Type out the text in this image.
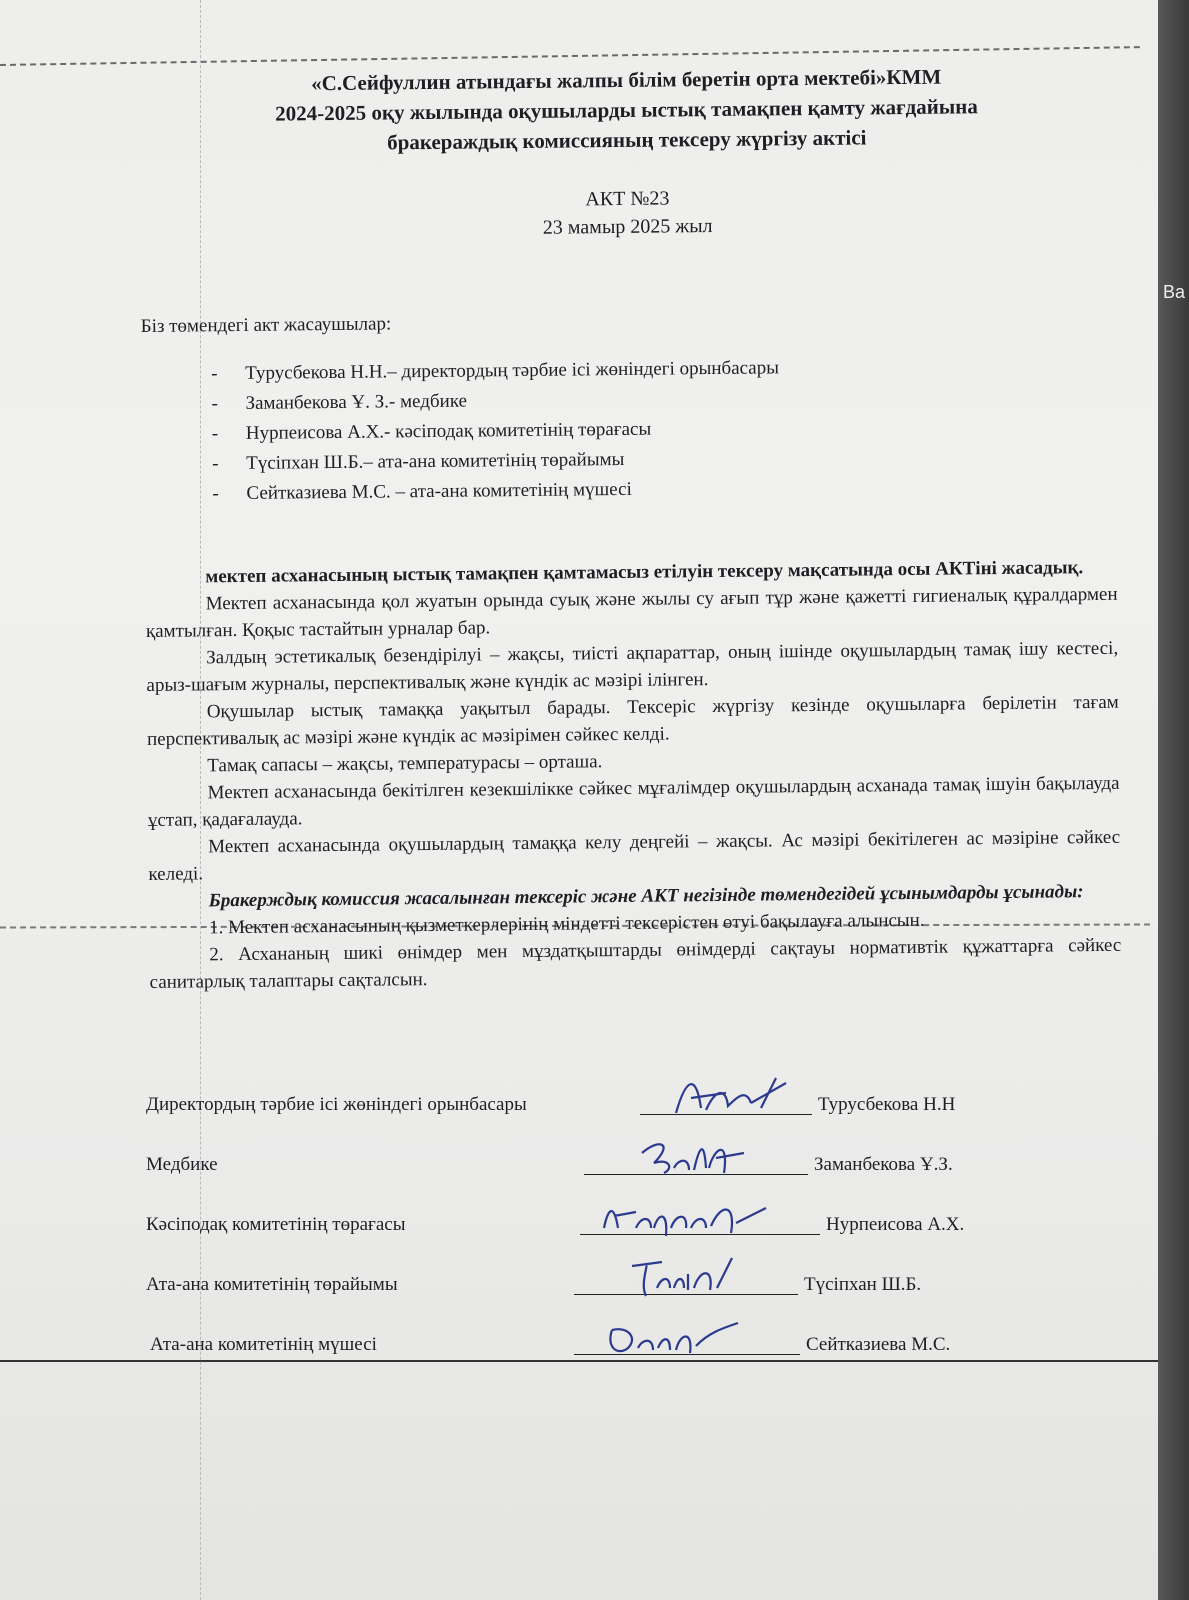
Ba

«С.Сейфуллин атындағы жалпы білім беретін орта мектебі»КММ

2024-2025 оқу жылында оқушыларды ыстық тамақпен қамту жағдайына

бракераждық комиссияның тексеру жүргізу актісі

АКТ №23
23 мамыр 2025 жыл
Біз төмендегі акт жасаушылар:
- Турусбекова Н.Н.– директордың тәрбие ісі жөніндегі орынбасары
- Заманбекова Ұ. З.- медбике
- Нурпеисова А.Х.- кәсіподақ комитетінің төрағасы
- Түсіпхан Ш.Б.– ата-ана комитетінің төрайымы
- Сейтказиева М.С. – ата-ана комитетінің мүшесі

мектеп асханасының ыстық тамақпен қамтамасыз етілуін тексеру мақсатында осы АКТіні жасадық.

Мектеп асханасында қол жуатын орында суық және жылы су ағып тұр және қажетті гигиеналық құралдармен қамтылған. Қоқыс тастайтын урналар бар.

Залдың эстетикалық безендірілуі – жақсы, тиісті ақпараттар, оның ішінде оқушылардың тамақ ішу кестесі, арыз-шағым журналы, перспективалық және күндік ас мәзірі ілінген.

Оқушылар ыстық тамаққа уақытыл барады. Тексеріс жүргізу кезінде оқушыларға берілетін тағам перспективалық ас мәзірі және күндік ас мәзірімен сәйкес келді.

Тамақ сапасы – жақсы, температурасы – орташа.

Мектеп асханасында бекітілген кезекшілікке сәйкес мұғалімдер оқушылардың асханада тамақ ішуін бақылауда ұстап, қадағалауда.

Мектеп асханасында оқушылардың тамаққа келу деңгейі – жақсы. Ас мәзірі бекітілеген ас мәзіріне сәйкес келеді.

Бракерждық комиссия жасалынған тексеріс және АКТ негізінде төмендегідей ұсынымдарды ұсынады:

1. Мектеп асханасының қызметкерлерінің міндетті тексерістен өтуі бақылауға алынсын.

2. Асхананың шикі өнімдер мен мұздатқыштарды өнімдерді сақтауы нормативтік құжаттарға сәйкес санитарлық талаптары сақталсын.

Директордың тәрбие ісі жөніндегі орынбасары	Турусбекова Н.Н
Медбике	Заманбекова Ұ.З.
Кәсіподақ комитетінің төрағасы	Нурпеисова А.Х.
Ата-ана комитетінің төрайымы	Түсіпхан Ш.Б.
Ата-ана комитетінің мүшесі	Сейтказиева М.С.
